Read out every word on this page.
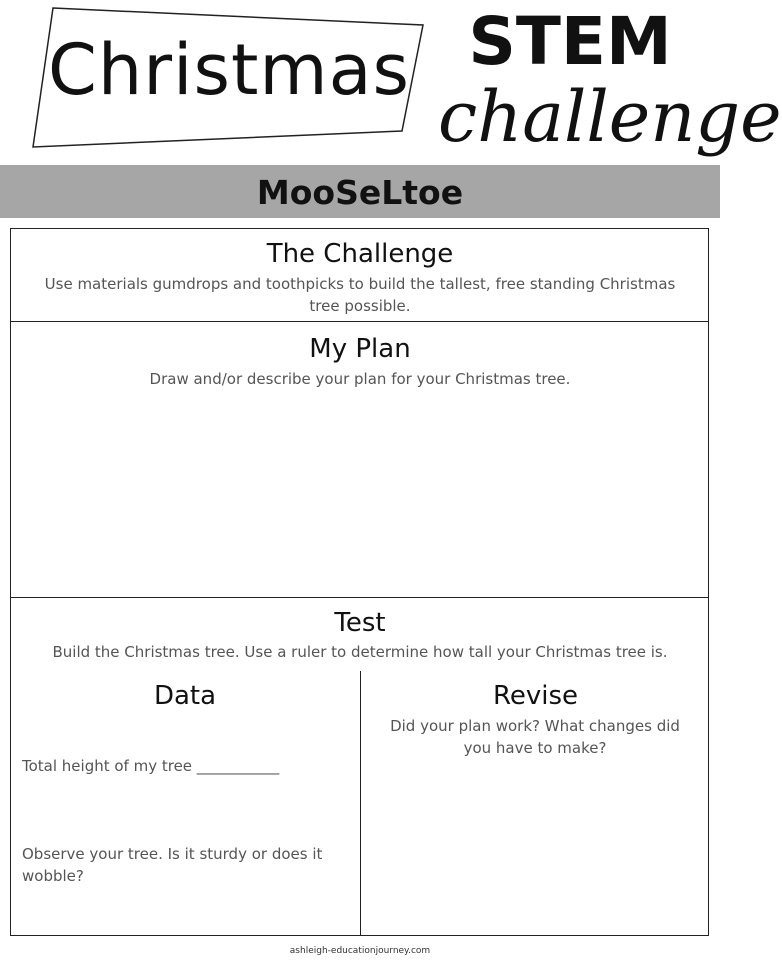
Christmas STEM
challenge
MooSeLtoe
The Challenge
Use materials gumdrops and toothpicks to build the tallest, free standing Christmas tree possible.
My Plan
Draw and/or describe your plan for your Christmas tree.
Test
Build the Christmas tree. Use a ruler to determine how tall your Christmas tree is.
Data
Total height of my tree ___________
Observe your tree. Is it sturdy or does it wobble?
Revise
Did your plan work? What changes did you have to make?
ashleigh-educationjourney.com
